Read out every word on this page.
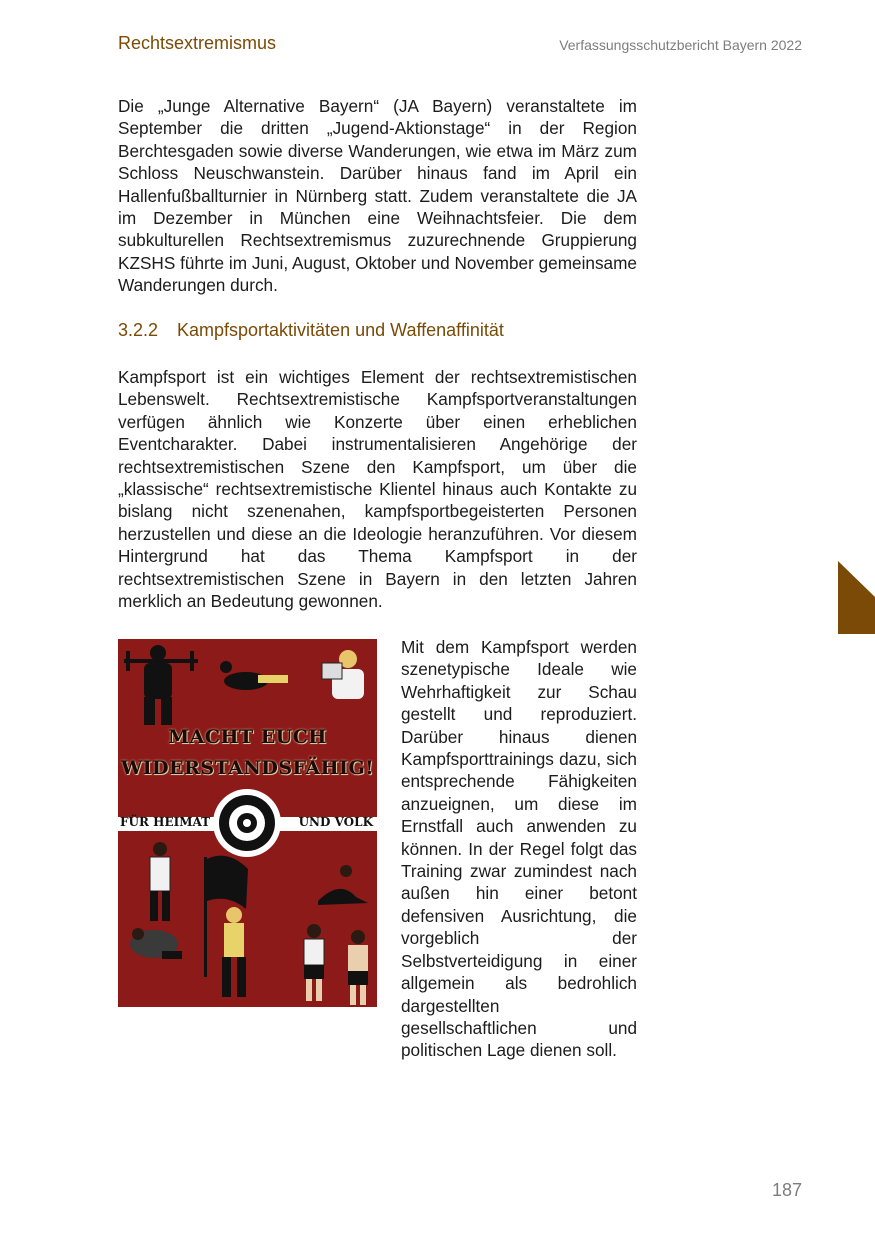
Rechtsextremismus	Verfassungsschutzbericht Bayern 2022

Die „Junge Alternative Bayern“ (JA Bayern) veranstaltete im September die dritten „Jugend-Aktionstage“ in der Region Berchtesgaden sowie diverse Wanderungen, wie etwa im März zum Schloss Neuschwanstein. Darüber hinaus fand im April ein Hallenfußballturnier in Nürnberg statt. Zudem veranstaltete die JA im Dezember in München eine Weihnachtsfeier. Die dem subkulturellen Rechtsextremismus zuzurechnende Gruppierung KZSHS führte im Juni, August, Oktober und November gemeinsame Wanderungen durch.

3.2.2 Kampfsportaktivitäten und Waffenaffinität

Kampfsport ist ein wichtiges Element der rechtsextremistischen Lebenswelt. Rechtsextremistische Kampfsportveranstaltungen verfügen ähnlich wie Konzerte über einen erheblichen Eventcharakter. Dabei instrumentalisieren Angehörige der rechtsextremistischen Szene den Kampfsport, um über die „klassische“ rechtsextremistische Klientel hinaus auch Kontakte zu bislang nicht szenenahen, kampfsportbegeisterten Personen herzustellen und diese an die Ideologie heranzuführen. Vor diesem Hintergrund hat das Thema Kampfsport in der rechtsextremistischen Szene in Bayern in den letzten Jahren merklich an Bedeutung gewonnen.

MACHT EUCH
WIDERSTANDSFÄHIG!
FÜR HEIMAT	UND VOLK

Mit dem Kampfsport werden szenetypische Ideale wie Wehrhaftigkeit zur Schau gestellt und reproduziert. Darüber hinaus dienen Kampfsporttrainings dazu, sich entsprechende Fähigkeiten anzueignen, um diese im Ernstfall auch anwenden zu können. In der Regel folgt das Training zwar zumindest nach außen hin einer betont defensiven Ausrichtung, die vorgeblich der Selbstverteidigung in einer allgemein als bedrohlich dargestellten gesellschaftlichen und politischen Lage dienen soll.

187
